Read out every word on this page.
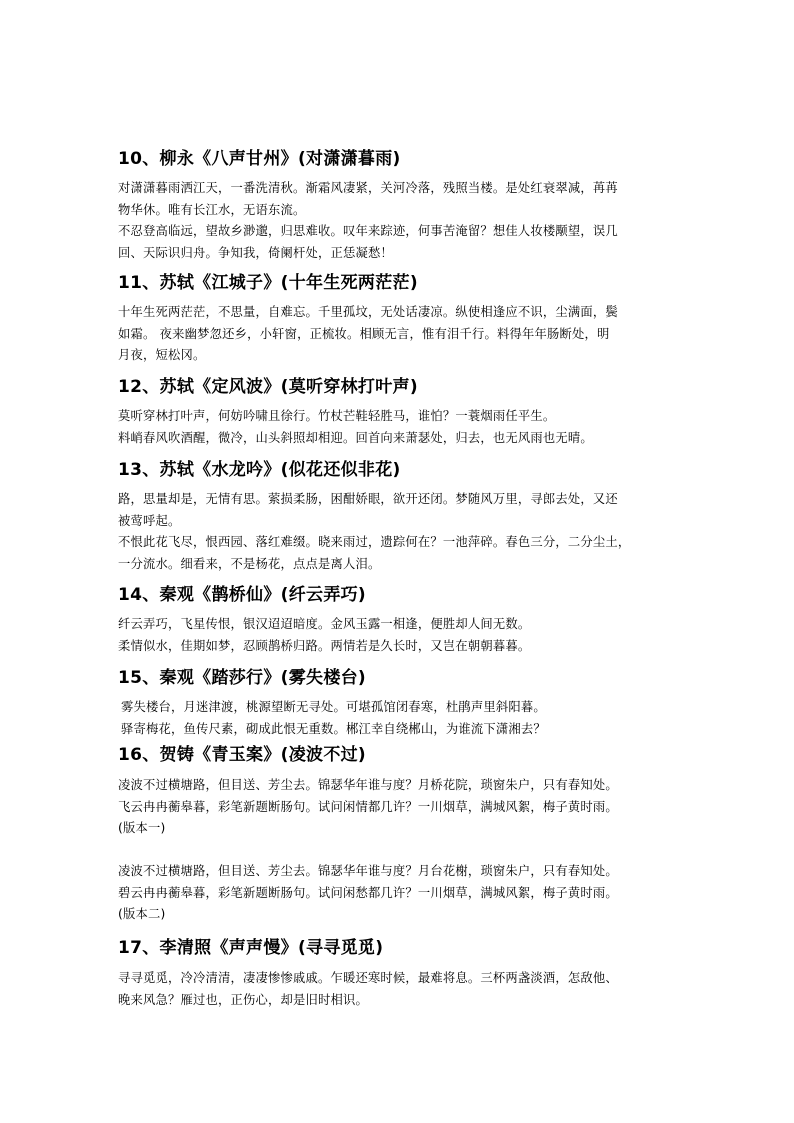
10、柳永《八声甘州》(对潇潇暮雨)
对潇潇暮雨洒江天，一番洗清秋。渐霜风凄紧，关河冷落，残照当楼。是处红衰翠减，苒苒
物华休。唯有长江水，无语东流。
不忍登高临远，望故乡渺邈，归思难收。叹年来踪迹，何事苦淹留？想佳人妆楼颙望，误几
回、天际识归舟。争知我，倚阑杆处，正恁凝愁！
11、苏轼《江城子》(十年生死两茫茫)
十年生死两茫茫，不思量，自难忘。千里孤坟，无处话凄凉。纵使相逢应不识，尘满面，鬓
如霜。 夜来幽梦忽还乡，小轩窗，正梳妆。相顾无言，惟有泪千行。料得年年肠断处，明
月夜，短松冈。
12、苏轼《定风波》(莫听穿林打叶声)
莫听穿林打叶声，何妨吟啸且徐行。竹杖芒鞋轻胜马，谁怕？一蓑烟雨任平生。
料峭春风吹酒醒，微冷，山头斜照却相迎。回首向来萧瑟处，归去，也无风雨也无晴。
13、苏轼《水龙吟》(似花还似非花)
路，思量却是，无情有思。萦损柔肠，困酣娇眼，欲开还闭。梦随风万里，寻郎去处，又还
被莺呼起。
不恨此花飞尽，恨西园、落红难缀。晓来雨过，遗踪何在？一池萍碎。春色三分，二分尘土，
一分流水。细看来，不是杨花，点点是离人泪。
14、秦观《鹊桥仙》(纤云弄巧)
纤云弄巧，飞星传恨，银汉迢迢暗度。金风玉露一相逢，便胜却人间无数。
柔情似水，佳期如梦，忍顾鹊桥归路。两情若是久长时，又岂在朝朝暮暮。
15、秦观《踏莎行》(雾失楼台)
雾失楼台，月迷津渡，桃源望断无寻处。可堪孤馆闭春寒，杜鹃声里斜阳暮。
驿寄梅花，鱼传尺素，砌成此恨无重数。郴江幸自绕郴山，为谁流下潇湘去？
16、贺铸《青玉案》(凌波不过)
凌波不过横塘路，但目送、芳尘去。锦瑟华年谁与度？月桥花院，琐窗朱户，只有春知处。
飞云冉冉蘅皋暮，彩笔新题断肠句。试问闲情都几许？一川烟草，满城风絮，梅子黄时雨。
(版本一)
凌波不过横塘路，但目送、芳尘去。锦瑟华年谁与度？月台花榭，琐窗朱户，只有春知处。
碧云冉冉蘅皋暮，彩笔新题断肠句。试问闲愁都几许？一川烟草，满城风絮，梅子黄时雨。
(版本二)
17、李清照《声声慢》(寻寻觅觅)
寻寻觅觅，冷冷清清，凄凄惨惨戚戚。乍暖还寒时候，最难将息。三杯两盏淡酒，怎敌他、
晚来风急？雁过也，正伤心，却是旧时相识。
